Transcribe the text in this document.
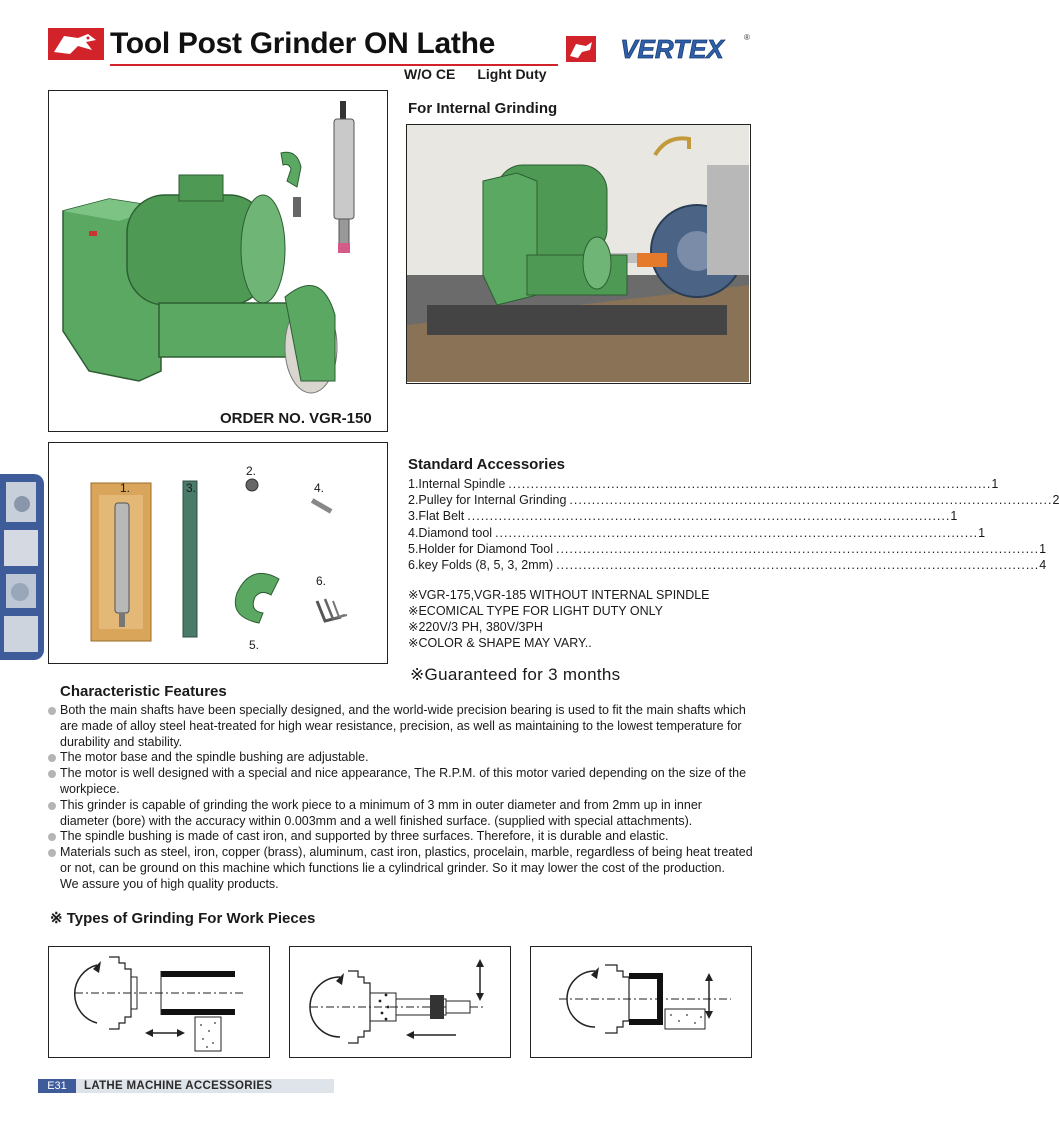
Tool Post Grinder ON Lathe
W/O CE Light Duty
VERTEX	®
ORDER NO. VGR-150
For Internal Grinding
1.
2.
3.	4.
5.
6.
Standard Accessories
1.Internal Spindle ............................................................................................................ 1
2.Pulley for Internal Grinding ............................................................................................................ 2
3.Flat Belt ............................................................................................................ 1
4.Diamond tool ............................................................................................................ 1
5.Holder for Diamond Tool ............................................................................................................ 1
6.key Folds (8, 5, 3, 2mm) ............................................................................................................ 4
※VGR-175,VGR-185 WITHOUT INTERNAL SPINDLE
※ECOMICAL TYPE FOR LIGHT DUTY ONLY
※220V/3 PH, 380V/3PH
※COLOR & SHAPE MAY VARY..
※Guaranteed for 3 months
Characteristic Features
Both the main shafts have been specially designed, and the world-wide precision bearing is used to fit the main shafts which are made of alloy steel heat-treated for high wear resistance, precision, as well as maintaining to the lowest temperature for durability and stability.
The motor base and the spindle bushing are adjustable.
The motor is well designed with a special and nice appearance, The R.P.M. of this motor varied depending on the size of the workpiece.
This grinder is capable of grinding the work piece to a minimum of 3 mm in outer diameter and from 2mm up in inner diameter (bore) with the accuracy within 0.003mm and a well finished surface. (supplied with special attachments).
The spindle bushing is made of cast iron, and supported by three surfaces. Therefore, it is durable and elastic.
Materials such as steel, iron, copper (brass), aluminum, cast iron, plastics, procelain, marble, regardless of being heat treated or not, can be ground on this machine which functions lie a cylindrical grinder. So it may lower the cost of the production.
We assure you of high quality products.
※ Types of Grinding For Work Pieces
E31	LATHE MACHINE ACCESSORIES
